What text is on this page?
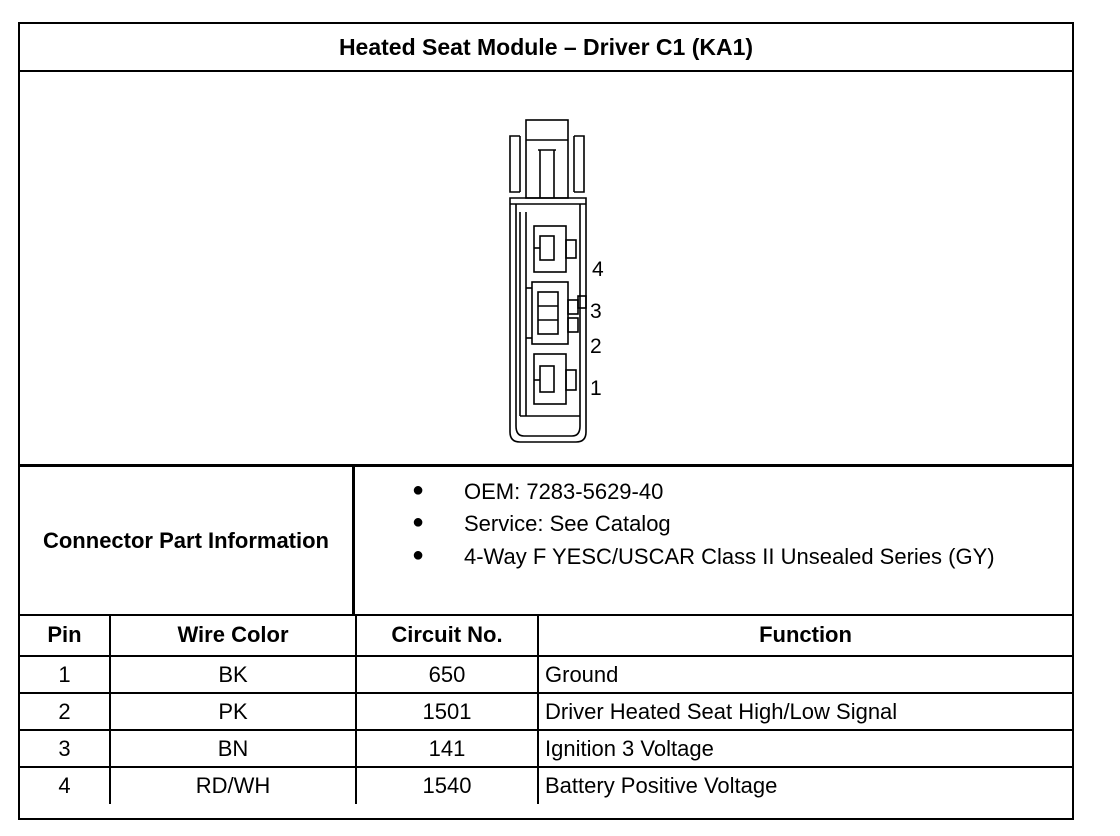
Heated Seat Module – Driver C1 (KA1)
4
3
2
1
Connector Part Information
● OEM: 7283-5629-40
● Service: See Catalog
● 4-Way F YESC/USCAR Class II Unsealed Series (GY)
Pin	Wire Color	Circuit No.	Function
1	BK	650	Ground
2	PK	1501	Driver Heated Seat High/Low Signal
3	BN	141	Ignition 3 Voltage
4	RD/WH	1540	Battery Positive Voltage
